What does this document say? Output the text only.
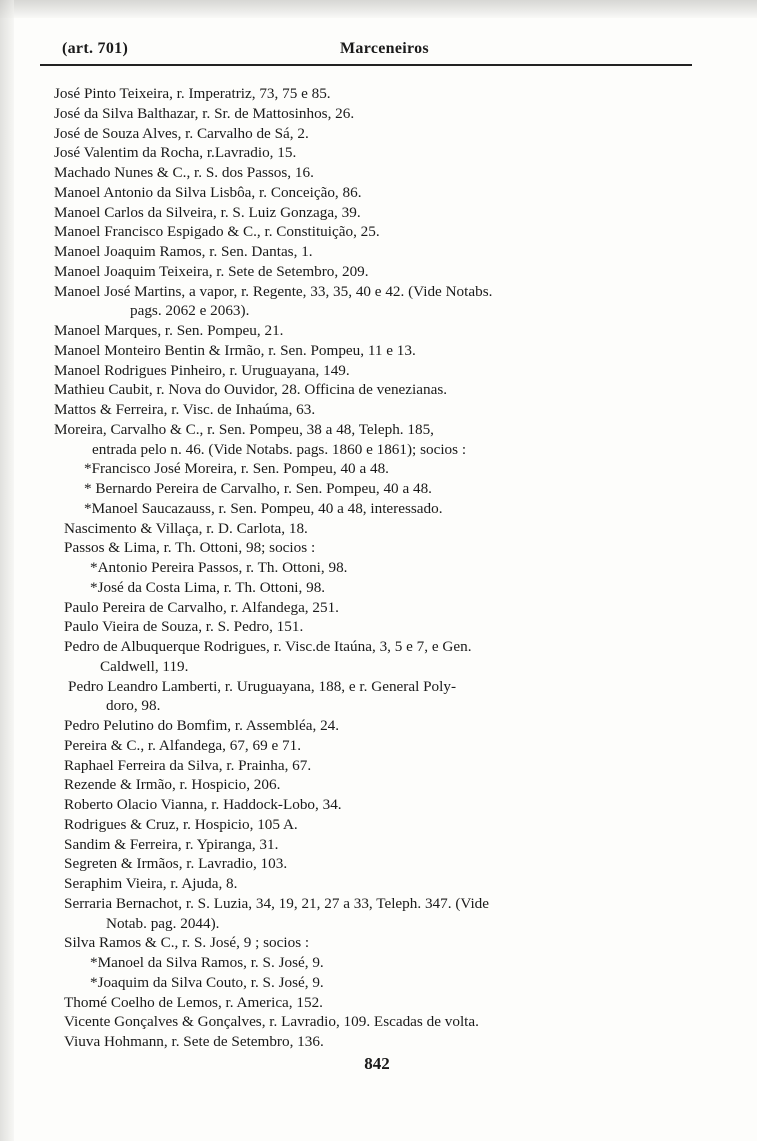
(art. 701)	Marceneiros

José Pinto Teixeira, r. Imperatriz, 73, 75 e 85.

José da Silva Balthazar, r. Sr. de Mattosinhos, 26.

José de Souza Alves, r. Carvalho de Sá, 2.

José Valentim da Rocha, r.Lavradio, 15.

Machado Nunes & C., r. S. dos Passos, 16.

Manoel Antonio da Silva Lisbôa, r. Conceição, 86.

Manoel Carlos da Silveira, r. S. Luiz Gonzaga, 39.

Manoel Francisco Espigado & C., r. Constituição, 25.

Manoel Joaquim Ramos, r. Sen. Dantas, 1.

Manoel Joaquim Teixeira, r. Sete de Setembro, 209.

Manoel José Martins, a vapor, r. Regente, 33, 35, 40 e 42. (Vide Notabs.

pags. 2062 e 2063).

Manoel Marques, r. Sen. Pompeu, 21.

Manoel Monteiro Bentin & Irmão, r. Sen. Pompeu, 11 e 13.

Manoel Rodrigues Pinheiro, r. Uruguayana, 149.

Mathieu Caubit, r. Nova do Ouvidor, 28. Officina de venezianas.

Mattos & Ferreira, r. Visc. de Inhaúma, 63.

Moreira, Carvalho & C., r. Sen. Pompeu, 38 a 48, Teleph. 185,

entrada pelo n. 46. (Vide Notabs. pags. 1860 e 1861); socios :

*Francisco José Moreira, r. Sen. Pompeu, 40 a 48.

* Bernardo Pereira de Carvalho, r. Sen. Pompeu, 40 a 48.

*Manoel Saucazauss, r. Sen. Pompeu, 40 a 48, interessado.

Nascimento & Villaça, r. D. Carlota, 18.

Passos & Lima, r. Th. Ottoni, 98; socios :

*Antonio Pereira Passos, r. Th. Ottoni, 98.

*José da Costa Lima, r. Th. Ottoni, 98.

Paulo Pereira de Carvalho, r. Alfandega, 251.

Paulo Vieira de Souza, r. S. Pedro, 151.

Pedro de Albuquerque Rodrigues, r. Visc.de Itaúna, 3, 5 e 7, e Gen.

Caldwell, 119.

Pedro Leandro Lamberti, r. Uruguayana, 188, e r. General Poly-

doro, 98.

Pedro Pelutino do Bomfim, r. Assembléa, 24.

Pereira & C., r. Alfandega, 67, 69 e 71.

Raphael Ferreira da Silva, r. Prainha, 67.

Rezende & Irmão, r. Hospicio, 206.

Roberto Olacio Vianna, r. Haddock-Lobo, 34.

Rodrigues & Cruz, r. Hospicio, 105 A.

Sandim & Ferreira, r. Ypiranga, 31.

Segreten & Irmãos, r. Lavradio, 103.

Seraphim Vieira, r. Ajuda, 8.

Serraria Bernachot, r. S. Luzia, 34, 19, 21, 27 a 33, Teleph. 347. (Vide

Notab. pag. 2044).

Silva Ramos & C., r. S. José, 9 ; socios :

*Manoel da Silva Ramos, r. S. José, 9.

*Joaquim da Silva Couto, r. S. José, 9.

Thomé Coelho de Lemos, r. America, 152.

Vicente Gonçalves & Gonçalves, r. Lavradio, 109. Escadas de volta.

Viuva Hohmann, r. Sete de Setembro, 136.

842
